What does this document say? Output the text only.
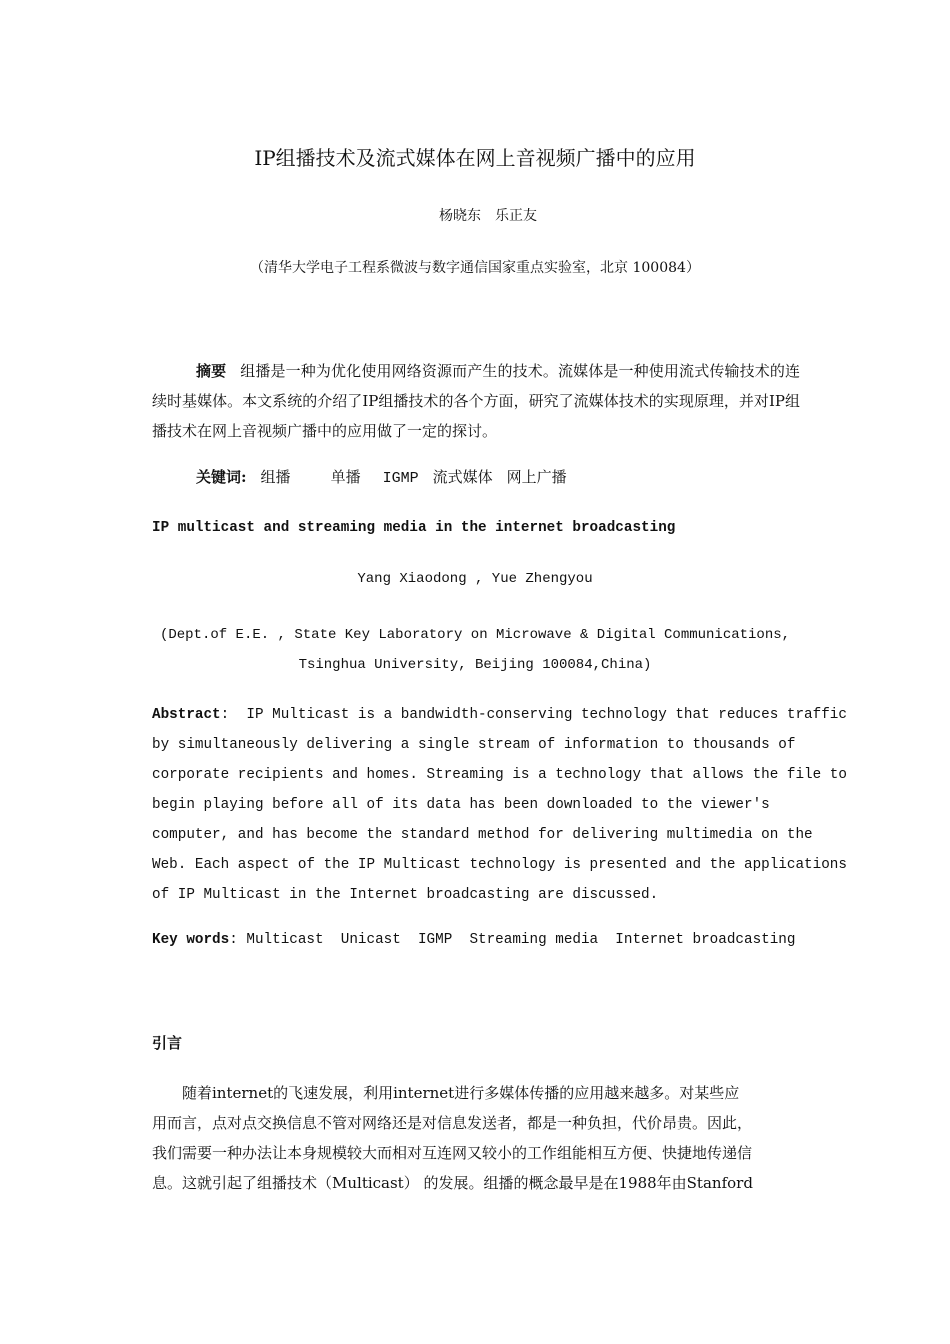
IP组播技术及流式媒体在网上音视频广播中的应用
杨晓东　乐正友
（清华大学电子工程系微波与数字通信国家重点实验室，北京 100084）
摘要 组播是一种为优化使用网络资源而产生的技术。流媒体是一种使用流式传输技术的连续时基媒体。本文系统的介绍了IP组播技术的各个方面，研究了流媒体技术的实现原理，并对IP组播技术在网上音视频广播中的应用做了一定的探讨。
关键词: 组播	单播 IGMP 流式媒体 网上广播
IP multicast and streaming media in the internet broadcasting
Yang Xiaodong , Yue Zhengyou
(Dept.of E.E. , State Key Laboratory on Microwave & Digital Communications,
Tsinghua University, Beijing 100084,China)
Abstract:  IP Multicast is a bandwidth-conserving technology that reduces traffic
by simultaneously delivering a single stream of information to thousands of
corporate recipients and homes. Streaming is a technology that allows the file to
begin playing before all of its data has been downloaded to the viewer's
computer, and has become the standard method for delivering multimedia on the
Web. Each aspect of the IP Multicast technology is presented and the applications
of IP Multicast in the Internet broadcasting are discussed.
Key words: Multicast  Unicast  IGMP  Streaming media  Internet broadcasting
引言
　　随着internet的飞速发展，利用internet进行多媒体传播的应用越来越多。对某些应
用而言，点对点交换信息不管对网络还是对信息发送者，都是一种负担，代价昂贵。因此，
我们需要一种办法让本身规模较大而相对互连网又较小的工作组能相互方便、快捷地传递信
息。这就引起了组播技术（Multicast） 的发展。组播的概念最早是在1988年由Stanford
